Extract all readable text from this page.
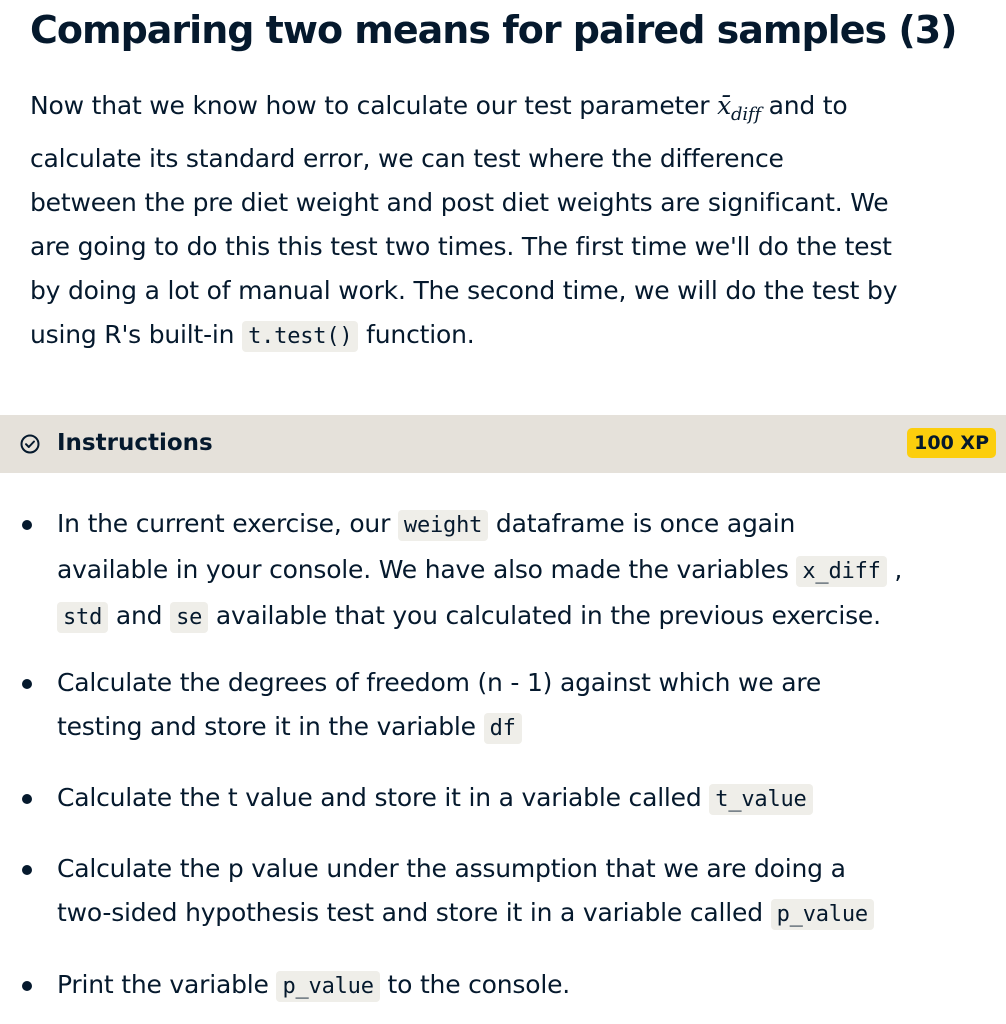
Comparing two means for paired samples (3)
Now that we know how to calculate our test parameter $x̄_{diff}$ and to
calculate its standard error, we can test where the difference
between the pre diet weight and post diet weights are significant. We
are going to do this this test two times. The first time we'll do the test
by doing a lot of manual work. The second time, we will do the test by
using R's built-in t.test() function.
Instructions	100 XP
In the current exercise, our weight dataframe is once again
available in your console. We have also made the variables x_diff ,
std and se available that you calculated in the previous exercise.
Calculate the degrees of freedom (n - 1) against which we are
testing and store it in the variable df
Calculate the t value and store it in a variable called t_value
Calculate the p value under the assumption that we are doing a
two-sided hypothesis test and store it in a variable called p_value
Print the variable p_value to the console.
